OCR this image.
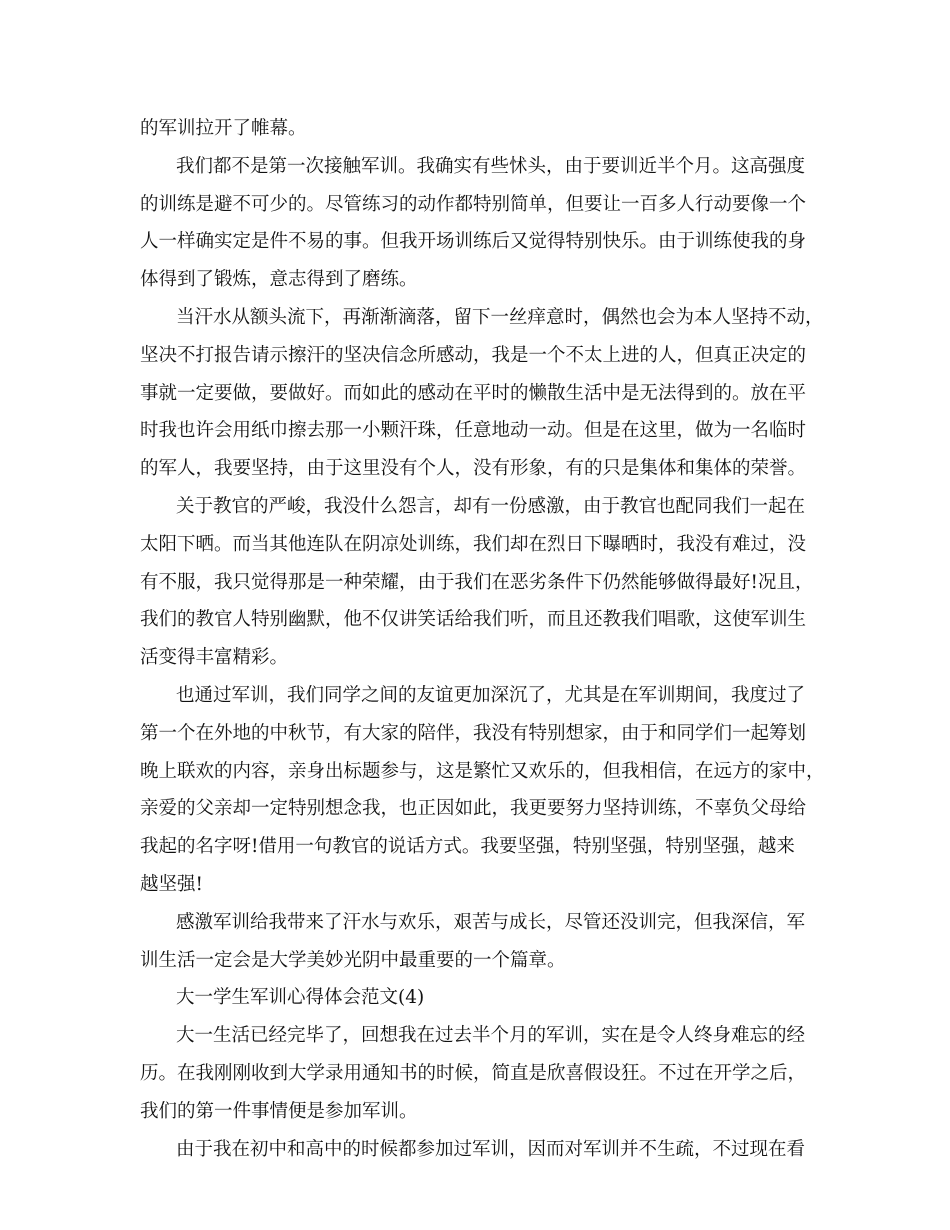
的军训拉开了帷幕。
我们都不是第一次接触军训。我确实有些怵头，由于要训近半个月。这高强度
的训练是避不可少的。尽管练习的动作都特别简单，但要让一百多人行动要像一个
人一样确实定是件不易的事。但我开场训练后又觉得特别快乐。由于训练使我的身
体得到了锻炼，意志得到了磨练。
当汗水从额头流下，再渐渐滴落，留下一丝痒意时，偶然也会为本人坚持不动，
坚决不打报告请示擦汗的坚决信念所感动，我是一个不太上进的人，但真正决定的
事就一定要做，要做好。而如此的感动在平时的懒散生活中是无法得到的。放在平
时我也许会用纸巾擦去那一小颗汗珠，任意地动一动。但是在这里，做为一名临时
的军人，我要坚持，由于这里没有个人，没有形象，有的只是集体和集体的荣誉。
关于教官的严峻，我没什么怨言，却有一份感激，由于教官也配同我们一起在
太阳下晒。而当其他连队在阴凉处训练，我们却在烈日下曝晒时，我没有难过，没
有不服，我只觉得那是一种荣耀，由于我们在恶劣条件下仍然能够做得最好!况且，
我们的教官人特别幽默，他不仅讲笑话给我们听，而且还教我们唱歌，这使军训生
活变得丰富精彩。
也通过军训，我们同学之间的友谊更加深沉了，尤其是在军训期间，我度过了
第一个在外地的中秋节，有大家的陪伴，我没有特别想家，由于和同学们一起筹划
晚上联欢的内容，亲身出标题参与，这是繁忙又欢乐的，但我相信，在远方的家中，
亲爱的父亲却一定特别想念我，也正因如此，我更要努力坚持训练，不辜负父母给
我起的名字呀!借用一句教官的说话方式。我要坚强，特别坚强，特别坚强，越来
越坚强!
感激军训给我带来了汗水与欢乐，艰苦与成长，尽管还没训完，但我深信，军
训生活一定会是大学美妙光阴中最重要的一个篇章。
大一学生军训心得体会范文(4)
大一生活已经完毕了，回想我在过去半个月的军训，实在是令人终身难忘的经
历。在我刚刚收到大学录用通知书的时候，简直是欣喜假设狂。不过在开学之后，
我们的第一件事情便是参加军训。
由于我在初中和高中的时候都参加过军训，因而对军训并不生疏，不过现在看
